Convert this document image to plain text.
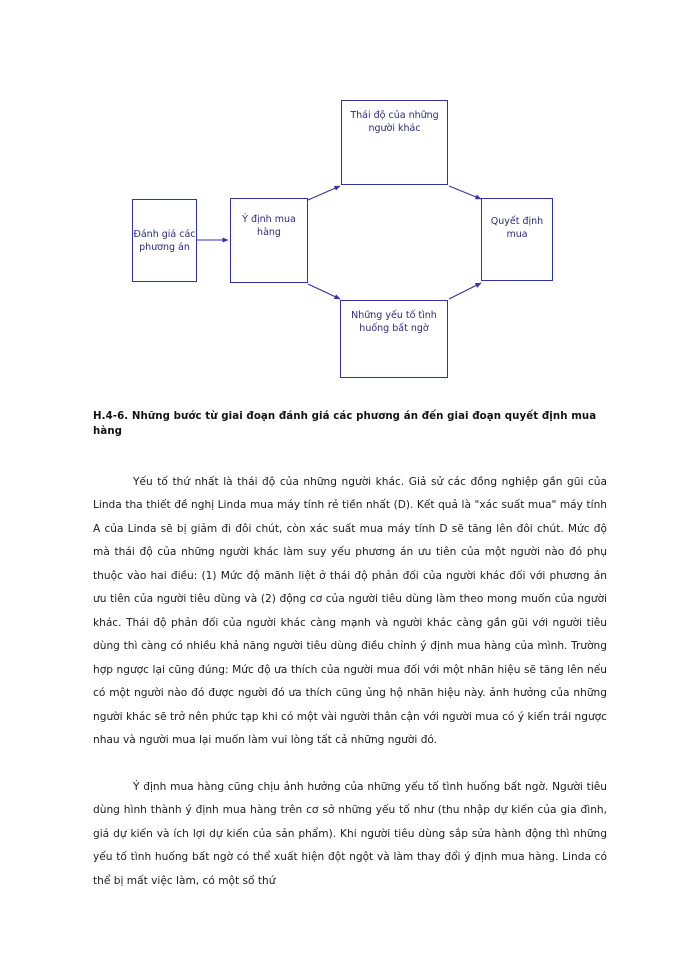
Đánh giá các phương án
Ý định mua hàng
Thái độ của những người khác
Những yếu tố tình huống bất ngờ
Quyết định mua
H.4-6. Những bước từ giai đoạn đánh giá các phương án đến giai đoạn quyết định mua hàng

Yếu tố thứ nhất là thái độ của những người khác. Giả sử các đồng nghiệp gần gũi của Linda tha thiết đề nghị Linda mua máy tính rẻ tiền nhất (D). Kết quả là "xác suất mua" máy tính A của Linda sẽ bị giảm đi đôi chút, còn xác suất mua máy tính D sẽ tăng lên đôi chút. Mức độ mà thái độ của những người khác làm suy yếu phương án ưu tiên của một người nào đó phụ thuộc vào hai điều: (1) Mức độ mãnh liệt ở thái độ phản đối của người khác đối với phương án ưu tiên của người tiêu dùng và (2) động cơ của người tiêu dùng làm theo mong muốn của người khác. Thái độ phản đối của người khác càng mạnh và người khác càng gần gũi với người tiêu dùng thì càng có nhiều khả năng người tiêu dùng điều chỉnh ý định mua hàng của mình. Trường hợp ngược lại cũng đúng: Mức độ ưa thích của người mua đối với một nhãn hiệu sẽ tăng lên nếu có một người nào đó được người đó ưa thích cũng ủng hộ nhãn hiệu này. ảnh hưởng của những người khác sẽ trở nên phức tạp khi có một vài người thân cận với người mua có ý kiến trái ngược nhau và người mua lại muốn làm vui lòng tất cả những người đó.

Ý định mua hàng cũng chịu ảnh hưởng của những yếu tố tình huống bất ngờ. Người tiêu dùng hình thành ý định mua hàng trên cơ sở những yếu tố như (thu nhập dự kiến của gia đình, giá dự kiến và ích lợi dự kiến của sản phẩm). Khi người tiêu dùng sắp sửa hành động thì những yếu tố tình huống bất ngờ có thể xuất hiện đột ngột và làm thay đổi ý định mua hàng. Linda có thể bị mất việc làm, có một số thứ
